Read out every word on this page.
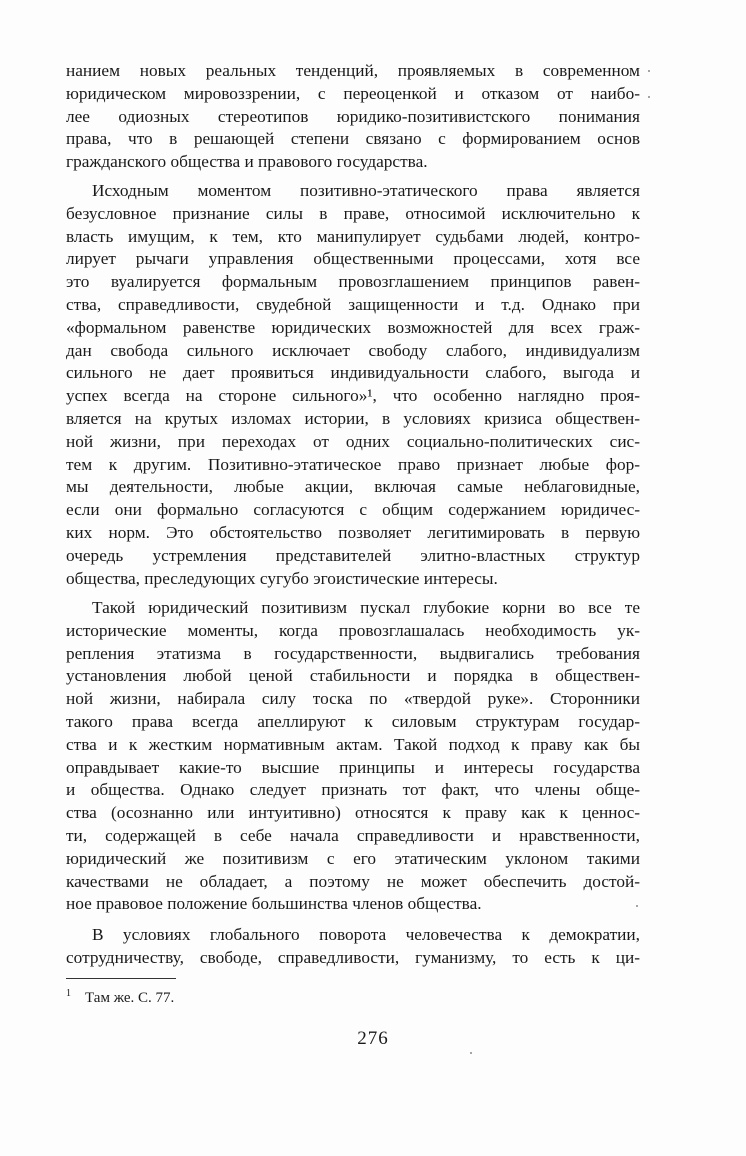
нанием новых реальных тенденций, проявляемых в современном
юридическом мировоззрении, с переоценкой и отказом от наибо-
лее одиозных стереотипов юридико-позитивистского понимания
права, что в решающей степени связано с формированием основ
гражданского общества и правового государства.
Исходным моментом позитивно-этатического права является
безусловное признание силы в праве, относимой исключительно к
власть имущим, к тем, кто манипулирует судьбами людей, контро-
лирует рычаги управления общественными процессами, хотя все
это вуалируется формальным провозглашением принципов равен-
ства, справедливости, свудебной защищенности и т.д. Однако при
«формальном равенстве юридических возможностей для всех граж-
дан свобода сильного исключает свободу слабого, индивидуализм
сильного не дает проявиться индивидуальности слабого, выгода и
успех всегда на стороне сильного»¹, что особенно наглядно проя-
вляется на крутых изломах истории, в условиях кризиса обществен-
ной жизни, при переходах от одних социально-политических сис-
тем к другим. Позитивно-этатическое право признает любые фор-
мы деятельности, любые акции, включая самые неблаговидные,
если они формально согласуются с общим содержанием юридичес-
ких норм. Это обстоятельство позволяет легитимировать в первую
очередь устремления представителей элитно-властных структур
общества, преследующих сугубо эгоистические интересы.
Такой юридический позитивизм пускал глубокие корни во все те
исторические моменты, когда провозглашалась необходимость ук-
репления этатизма в государственности, выдвигались требования
установления любой ценой стабильности и порядка в обществен-
ной жизни, набирала силу тоска по «твердой руке». Сторонники
такого права всегда апеллируют к силовым структурам государ-
ства и к жестким нормативным актам. Такой подход к праву как бы
оправдывает какие-то высшие принципы и интересы государства
и общества. Однако следует признать тот факт, что члены обще-
ства (осознанно или интуитивно) относятся к праву как к ценнос-
ти, содержащей в себе начала справедливости и нравственности,
юридический же позитивизм с его этатическим уклоном такими
качествами не обладает, а поэтому не может обеспечить достой-
ное правовое положение большинства членов общества.
В условиях глобального поворота человечества к демократии,
сотрудничеству, свободе, справедливости, гуманизму, то есть к ци-
$^1$ Там же. С. 77.
276
